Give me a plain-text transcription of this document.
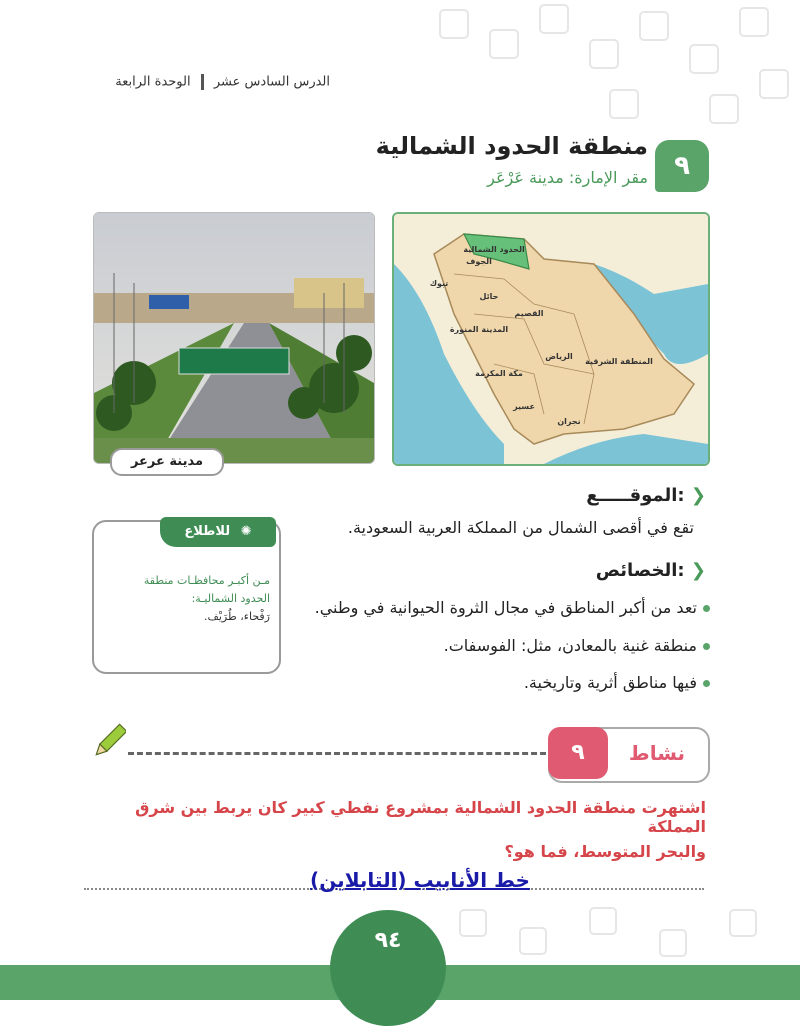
الدرس السادس عشر  الوحدة الرابعة
٩
منطقة الحدود الشمالية
مقر الإمارة: مدينة عَرْعَر
مدينة عرعر
الحدود الشمالية
الجوف
تبوك
حائل
القصيم
المدينة المنورة
الرياض
المنطقة الشرقية
مكة المكرمة
عسير
نجران
الموقـــــع: ❯
تقع في أقصى الشمال من المملكة العربية السعودية.
الخصائص: ❯
تعد من أكبر المناطق في مجال الثروة الحيوانية في وطني.
منطقة غنية بالمعادن، مثل: الفوسفات.
فيها مناطق أثرية وتاريخية.
للاطلاع ✺
مـن أكبـر محافظـات منطقة
الحدود الشماليـة:
رَفْحاء، طُرَيْف.
٩	نشاط
اشتهرت منطقة الحدود الشمالية بمشروع نفطي كبير كان يربط بين شرق المملكة
والبحر المتوسط، فما هو؟
خط الأنابيب (التابلاين)
٩٤
